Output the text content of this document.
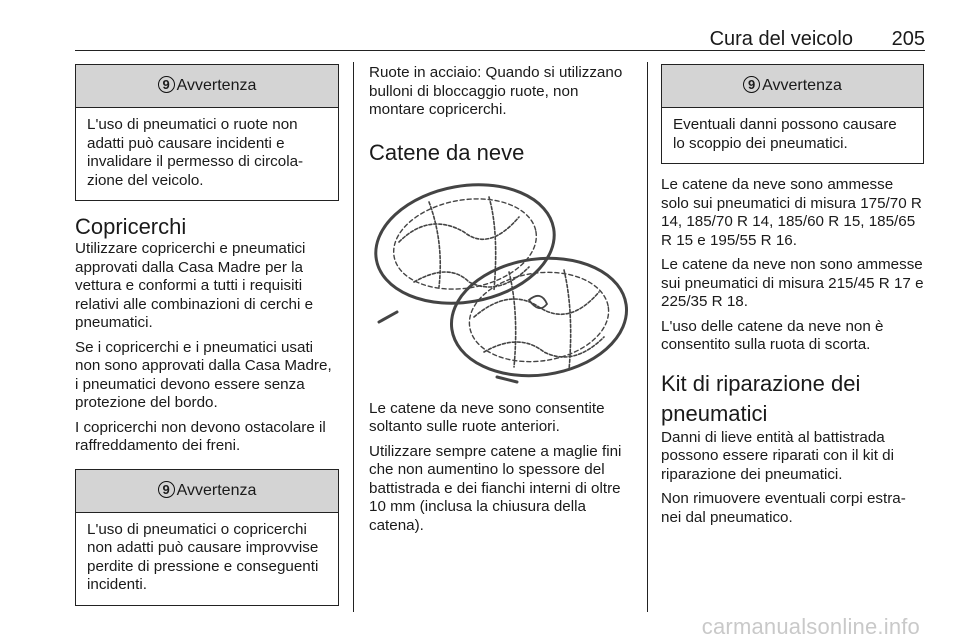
Cura del veicolo 205
9 Avvertenza
L'uso di pneumatici o ruote non adatti può causare incidenti e invalidare il permesso di circola-zione del veicolo.
Copricerchi

Utilizzare copricerchi e pneumatici approvati dalla Casa Madre per la vettura e conformi a tutti i requisiti relativi alle combinazioni di cerchi e pneumatici.

Se i copricerchi e i pneumatici usati non sono approvati dalla Casa Madre, i pneumatici devono essere senza protezione del bordo.

I copricerchi non devono ostacolare il raffreddamento dei freni.

9 Avvertenza
L'uso di pneumatici o copricerchi non adatti può causare improvvise perdite di pressione e conseguenti incidenti.

Ruote in acciaio: Quando si utilizzano bulloni di bloccaggio ruote, non montare copricerchi.

Catene da neve

Le catene da neve sono consentite soltanto sulle ruote anteriori.

Utilizzare sempre catene a maglie fini che non aumentino lo spessore del battistrada e dei fianchi interni di oltre 10 mm (inclusa la chiusura della catena).

9 Avvertenza
Eventuali danni possono causare lo scoppio dei pneumatici.

Le catene da neve sono ammesse solo sui pneumatici di misura 175/70 R 14, 185/70 R 14, 185/60 R 15, 185/65 R 15 e 195/55 R 16.

Le catene da neve non sono ammesse sui pneumatici di misura 215/45 R 17 e 225/35 R 18.

L'uso delle catene da neve non è consentito sulla ruota di scorta.

Kit di riparazione dei pneumatici

Danni di lieve entità al battistrada possono essere riparati con il kit di riparazione dei pneumatici.

Non rimuovere eventuali corpi estra-nei dal pneumatico.

carmanualsonline.info
